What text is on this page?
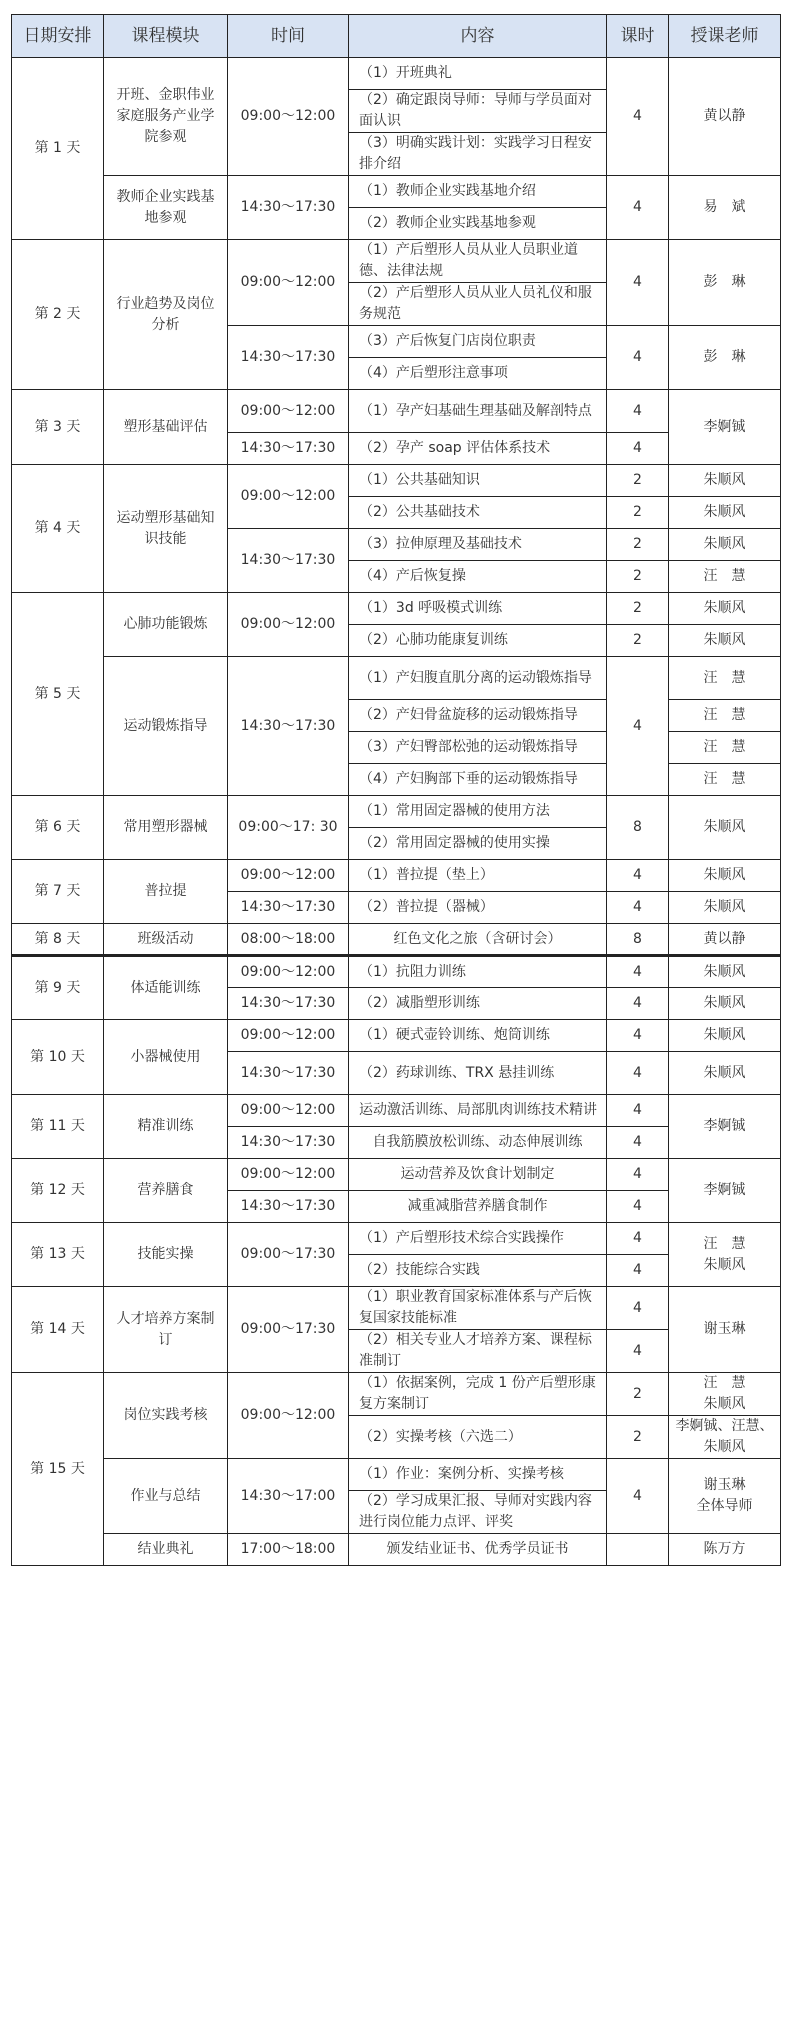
日期安排	课程模块	时间	内容	课时	授课老师
第 1 天	开班、金职伟业家庭服务产业学院参观	09:00～12:00	（1）开班典礼	4	黄以静
			（2）确定跟岗导师：导师与学员面对面认识		
			（3）明确实践计划：实践学习日程安排介绍		
	教师企业实践基地参观	14:30～17:30	（1）教师企业实践基地介绍	4	易　斌
			（2）教师企业实践基地参观		
第 2 天	行业趋势及岗位分析	09:00～12:00	（1）产后塑形人员从业人员职业道德、法律法规	4	彭　琳
			（2）产后塑形人员从业人员礼仪和服务规范		
		14:30～17:30	（3）产后恢复门店岗位职责	4	彭　琳
			（4）产后塑形注意事项		
第 3 天	塑形基础评估	09:00～12:00	（1）孕产妇基础生理基础及解剖特点	4	李婀铖
		14:30～17:30	（2）孕产 soap 评估体系技术	4	
第 4 天	运动塑形基础知识技能	09:00～12:00	（1）公共基础知识	2	朱顺风
			（2）公共基础技术	2	朱顺风
		14:30～17:30	（3）拉伸原理及基础技术	2	朱顺风
			（4）产后恢复操	2	汪　慧
第 5 天	心肺功能锻炼	09:00～12:00	（1）3d 呼吸模式训练	2	朱顺风
			（2）心肺功能康复训练	2	朱顺风
	运动锻炼指导	14:30～17:30	（1）产妇腹直肌分离的运动锻炼指导	4	汪　慧
			（2）产妇骨盆旋移的运动锻炼指导		汪　慧
			（3）产妇臀部松弛的运动锻炼指导		汪　慧
			（4）产妇胸部下垂的运动锻炼指导		汪　慧
第 6 天	常用塑形器械	09:00～17: 30	（1）常用固定器械的使用方法	8	朱顺风
			（2）常用固定器械的使用实操		
第 7 天	普拉提	09:00～12:00	（1）普拉提（垫上）	4	朱顺风
		14:30～17:30	（2）普拉提（器械）	4	朱顺风
第 8 天	班级活动	08:00～18:00	红色文化之旅（含研讨会）	8	黄以静
第 9 天	体适能训练	09:00～12:00	（1）抗阻力训练	4	朱顺风
		14:30～17:30	（2）减脂塑形训练	4	朱顺风
第 10 天	小器械使用	09:00～12:00	（1）硬式壶铃训练、炮筒训练	4	朱顺风
		14:30～17:30	（2）药球训练、TRX 悬挂训练	4	朱顺风
第 11 天	精准训练	09:00～12:00	运动激活训练、局部肌肉训练技术精讲	4	李婀铖
		14:30～17:30	自我筋膜放松训练、动态伸展训练	4	
第 12 天	营养膳食	09:00～12:00	运动营养及饮食计划制定	4	李婀铖
		14:30～17:30	减重减脂营养膳食制作	4	
第 13 天	技能实操	09:00～17:30	（1）产后塑形技术综合实践操作	4	汪　慧
朱顺风
			（2）技能综合实践	4	
第 14 天	人才培养方案制订	09:00～17:30	（1）职业教育国家标准体系与产后恢复国家技能标准	4	谢玉琳
			（2）相关专业人才培养方案、课程标准制订	4	
第 15 天	岗位实践考核	09:00～12:00	（1）依据案例，完成 1 份产后塑形康复方案制订	2	汪　慧
朱顺风
			（2）实操考核（六选二）	2	李婀铖、汪慧、朱顺风
	作业与总结	14:30～17:00	（1）作业：案例分析、实操考核	4	谢玉琳
全体导师
			（2）学习成果汇报、导师对实践内容进行岗位能力点评、评奖		
	结业典礼	17:00～18:00	颁发结业证书、优秀学员证书		陈万方
